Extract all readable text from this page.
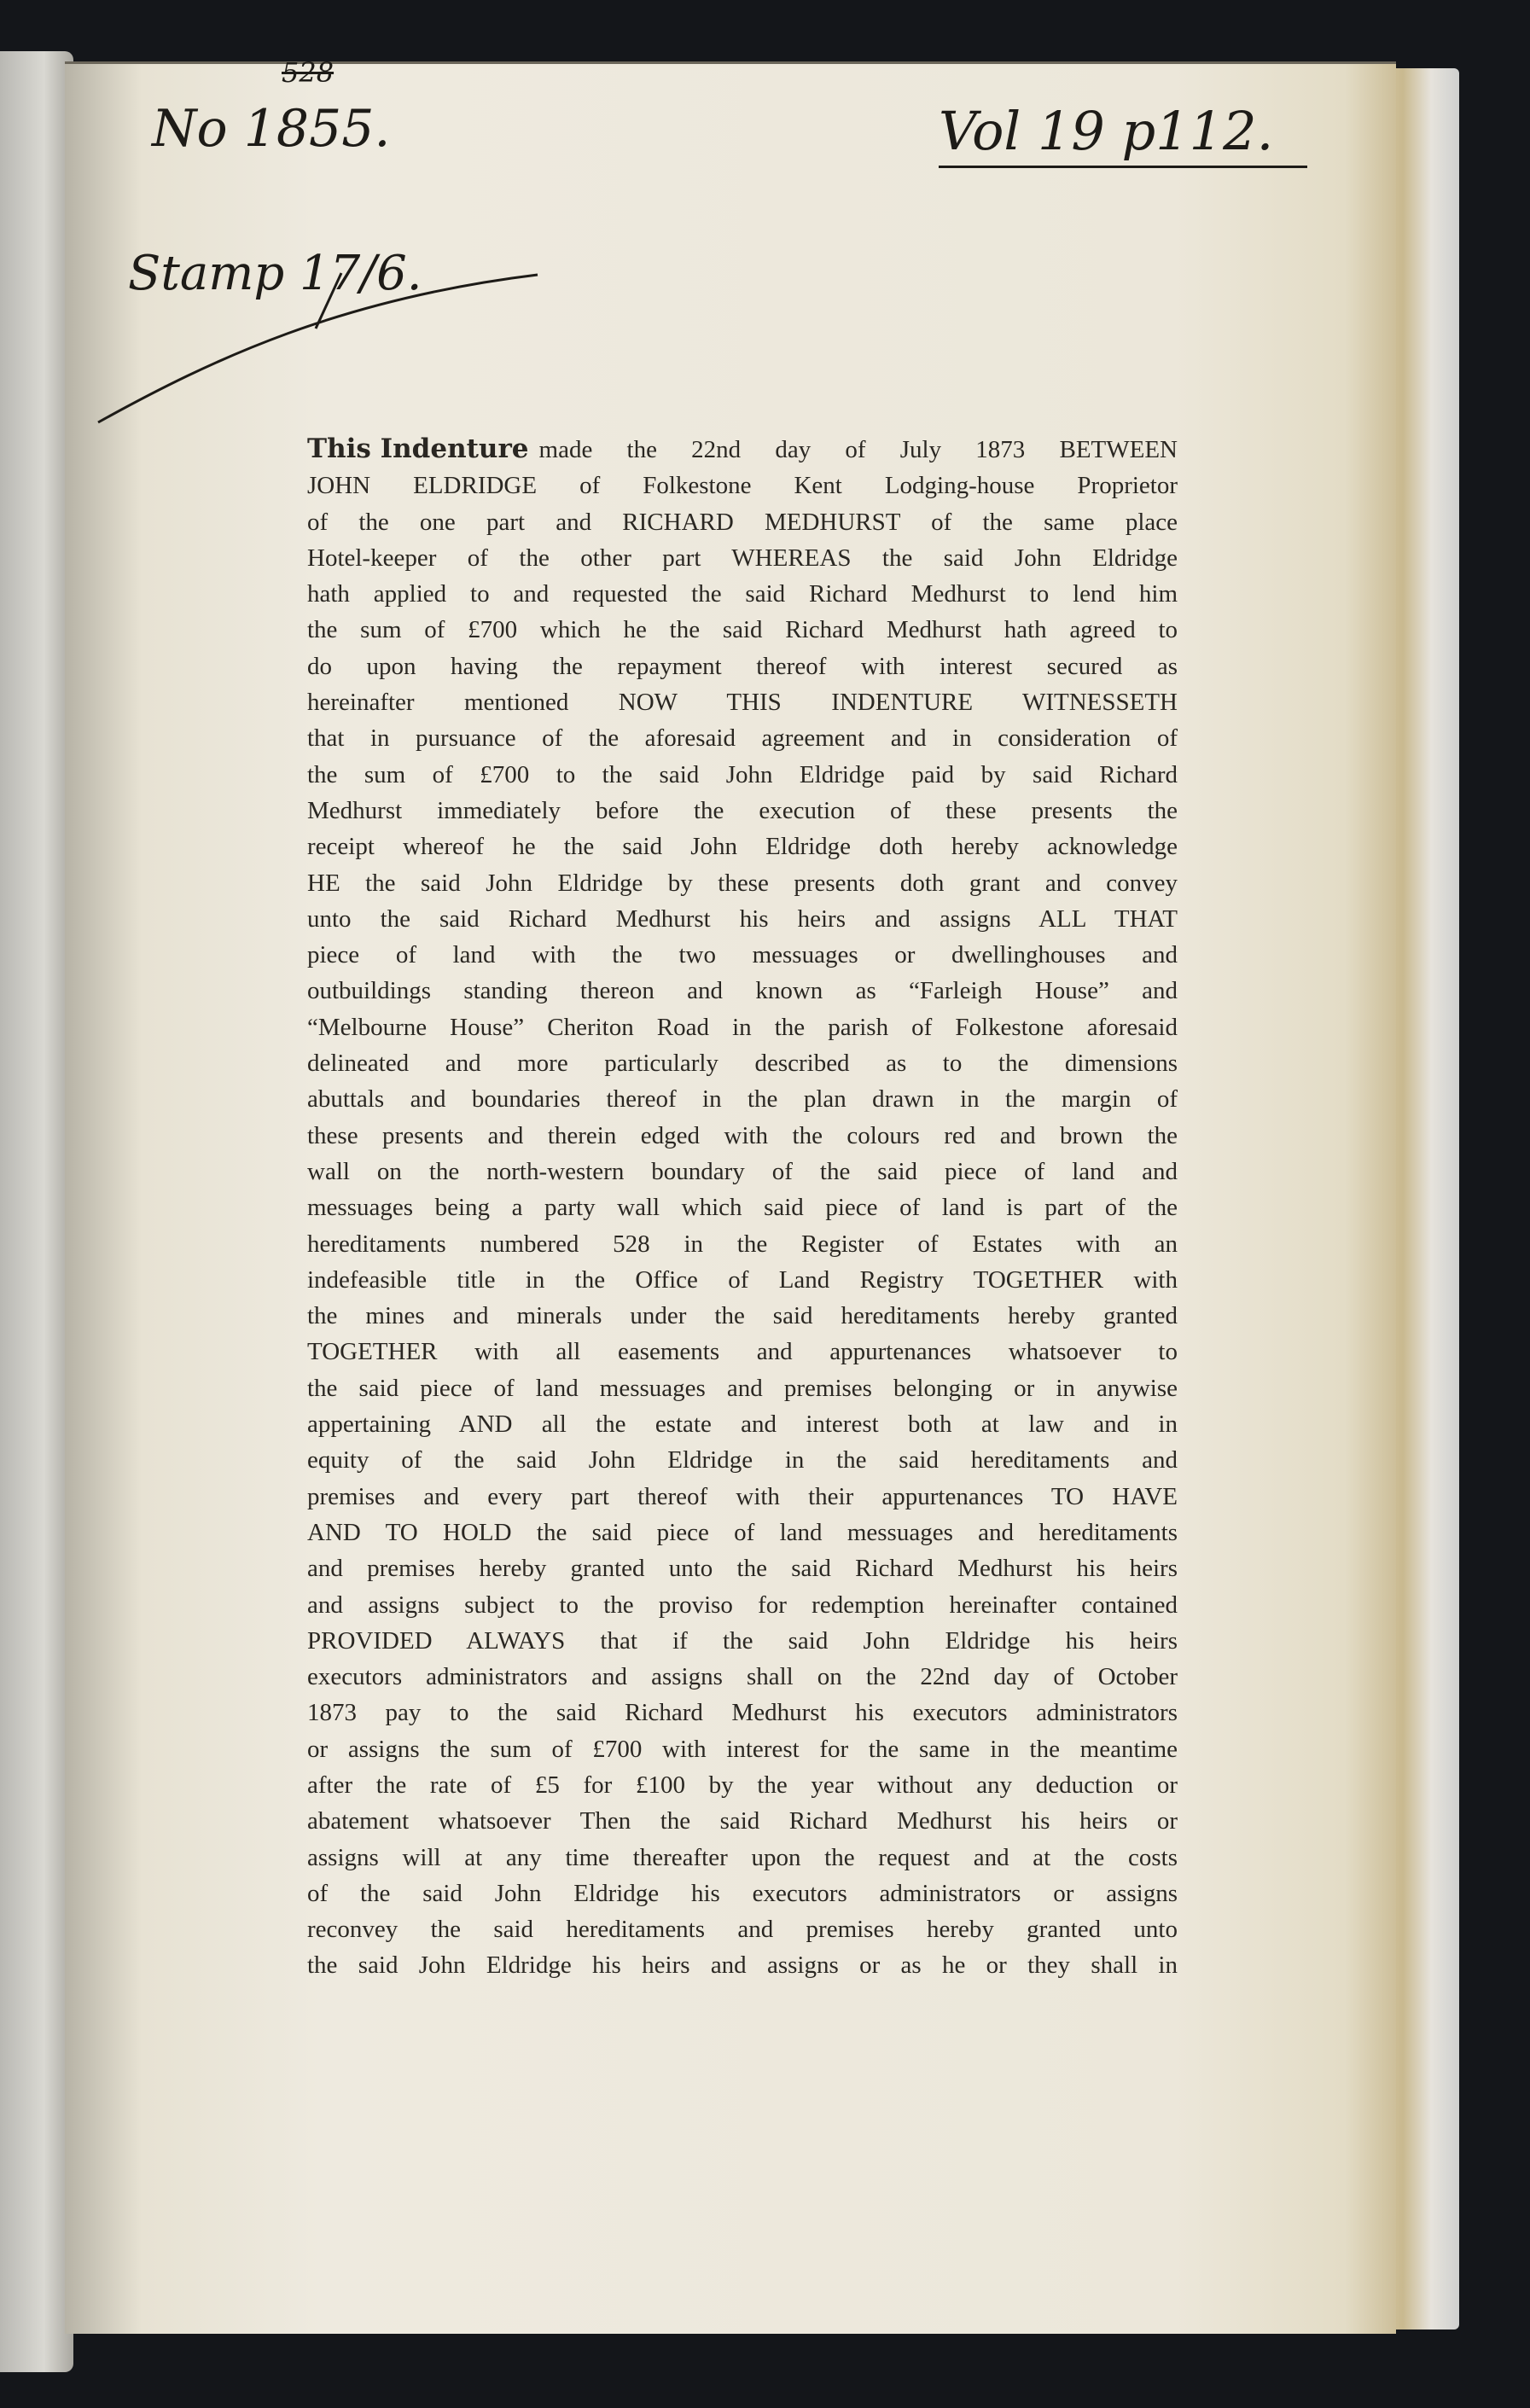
528
No 1855.	Vol 19 p112.
Stamp 17/6.
This Indenture made the 22nd day of July 1873 BETWEEN
JOHN ELDRIDGE of Folkestone Kent Lodging-house Proprietor
of the one part and RICHARD MEDHURST of the same place
Hotel-keeper of the other part WHEREAS the said John Eldridge
hath applied to and requested the said Richard Medhurst to lend him
the sum of £700 which he the said Richard Medhurst hath agreed to
do upon having the repayment thereof with interest secured as
hereinafter mentioned NOW THIS INDENTURE WITNESSETH
that in pursuance of the aforesaid agreement and in consideration of
the sum of £700 to the said John Eldridge paid by said Richard
Medhurst immediately before the execution of these presents the
receipt whereof he the said John Eldridge doth hereby acknowledge
HE the said John Eldridge by these presents doth grant and convey
unto the said Richard Medhurst his heirs and assigns ALL THAT
piece of land with the two messuages or dwellinghouses and
outbuildings standing thereon and known as “Farleigh House” and
“Melbourne House” Cheriton Road in the parish of Folkestone aforesaid
delineated and more particularly described as to the dimensions
abuttals and boundaries thereof in the plan drawn in the margin of
these presents and therein edged with the colours red and brown the
wall on the north-western boundary of the said piece of land and
messuages being a party wall which said piece of land is part of the
hereditaments numbered 528 in the Register of Estates with an
indefeasible title in the Office of Land Registry TOGETHER with
the mines and minerals under the said hereditaments hereby granted
TOGETHER with all easements and appurtenances whatsoever to
the said piece of land messuages and premises belonging or in anywise
appertaining AND all the estate and interest both at law and in
equity of the said John Eldridge in the said hereditaments and
premises and every part thereof with their appurtenances TO HAVE
AND TO HOLD the said piece of land messuages and hereditaments
and premises hereby granted unto the said Richard Medhurst his heirs
and assigns subject to the proviso for redemption hereinafter contained
PROVIDED ALWAYS that if the said John Eldridge his heirs
executors administrators and assigns shall on the 22nd day of October
1873 pay to the said Richard Medhurst his executors administrators
or assigns the sum of £700 with interest for the same in the meantime
after the rate of £5 for £100 by the year without any deduction or
abatement whatsoever Then the said Richard Medhurst his heirs or
assigns will at any time thereafter upon the request and at the costs
of the said John Eldridge his executors administrators or assigns
reconvey the said hereditaments and premises hereby granted unto
the said John Eldridge his heirs and assigns or as he or they shall in
